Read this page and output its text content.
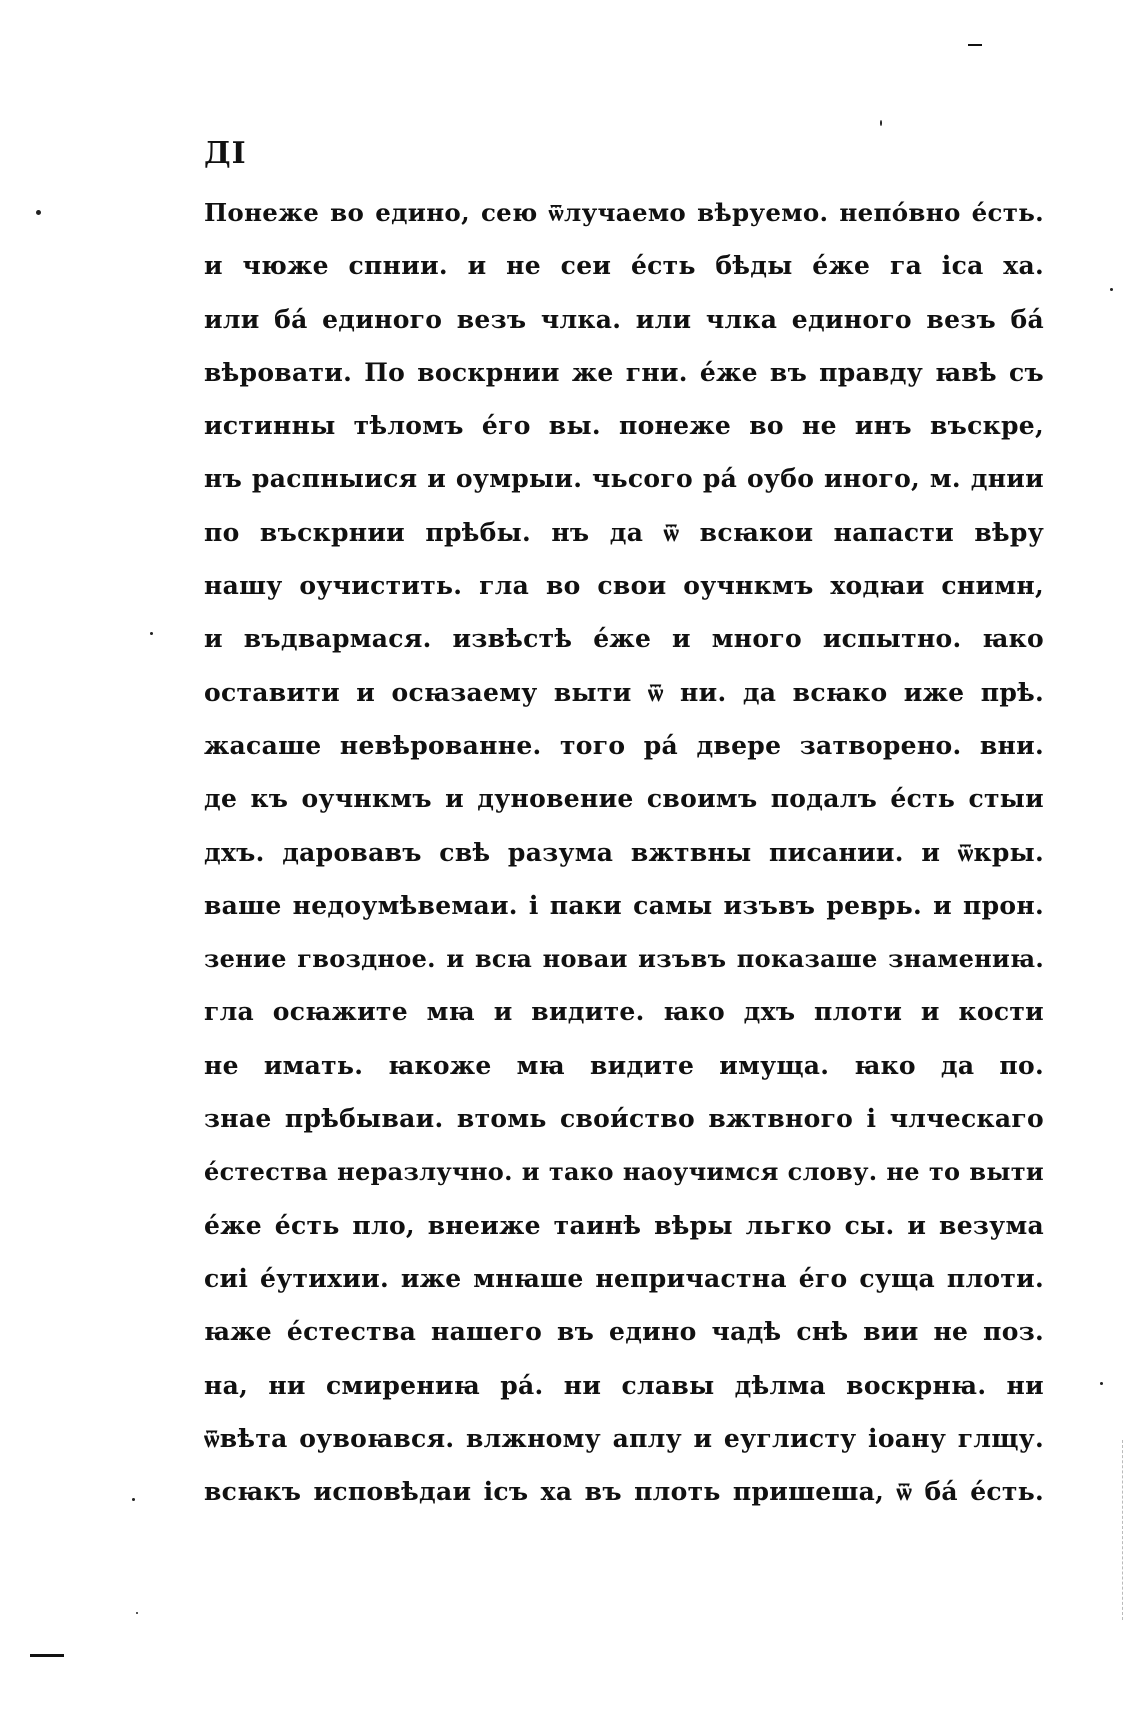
ДI
Понеже во едино, сею ѿлучаемо вѣруемо. непо́вно е́сть.
и чюже спнии. и не сеи е́сть бѣды е́же га іса ха.
или ба́ единого везъ члка. или члка единого везъ ба́
вѣровати. По воскрнии же гни. е́же въ правду ꙗвѣ съ
истинны тѣломъ е́го вы. понеже во не инъ въскре,
нъ распныися и оумрыи. чьсого ра́ оубо иного, м. днии
по въскрнии прѣбы. нъ да ѿ всꙗкои напасти вѣру
нашу оучистить. гла во свои оучнкмъ ходꙗи снимн,
и въдвармася. извѣстѣ е́же и много испытно. ꙗко
оставити и осꙗзаему выти ѿ ни. да всꙗко иже прѣ.
жасаше невѣрованне. того ра́ двере затворено. вни.
де къ оучнкмъ и дуновение своимъ подалъ е́сть стыи
дхъ. даровавъ свѣ разума вжтвны писании. и ѿкры.
ваше недоумѣвемаи. і паки самы изъвъ реврь. и прон.
зение гвоздное. и всꙗ новаи изъвъ показаше знамениꙗ.
гла осꙗжите мꙗ и видите. ꙗко дхъ плоти и кости
не имать. ꙗкоже мꙗ видите имуща. ꙗко да по.
знае прѣбываи. втомь свои́ство вжтвного і члческаго
е́стества неразлучно. и тако наоучимся слову. не то выти
е́же е́сть пло, внеиже таинѣ вѣры льгко сы. и везума
сиі е́утихии. иже мнꙗше непричастна е́го суща плоти.
ꙗже е́стества нашего въ едино чадѣ снѣ вии не поз.
на, ни смирениꙗ ра́. ни славы дѣлма воскрнꙗ. ни
ѿвѣта оувоꙗвся. влжному аплу и еуглисту іоану глщу.
всꙗкъ исповѣдаи ісъ ха въ плоть пришеша, ѿ ба́ е́сть.
